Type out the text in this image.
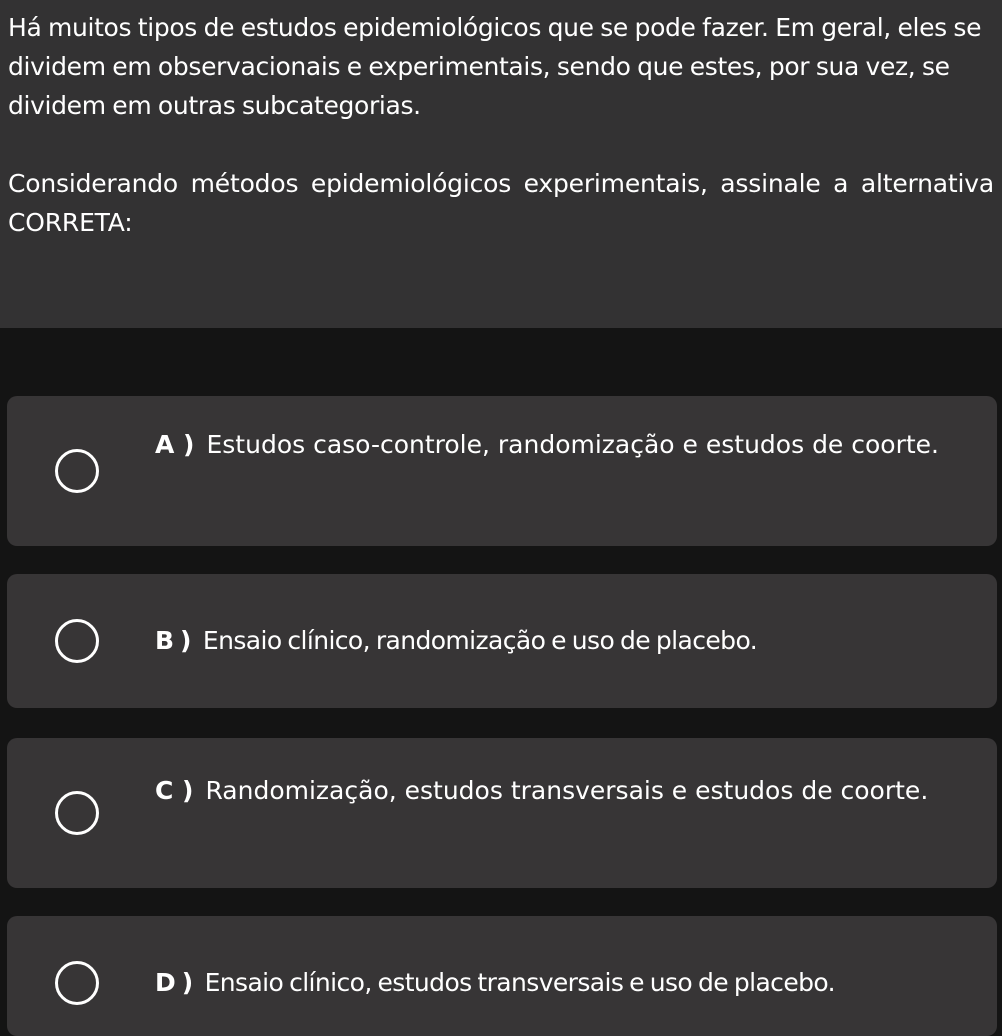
Há muitos tipos de estudos epidemiológicos que se pode fazer. Em geral, eles se dividem em observacionais e experimentais, sendo que estes, por sua vez, se dividem em outras subcategorias.

Considerando métodos epidemiológicos experimentais, assinale a alternativa CORRETA:

A ) Estudos caso-controle, randomização e estudos de coorte.
B ) Ensaio clínico, randomização e uso de placebo.
C ) Randomização, estudos transversais e estudos de coorte.
D ) Ensaio clínico, estudos transversais e uso de placebo.
